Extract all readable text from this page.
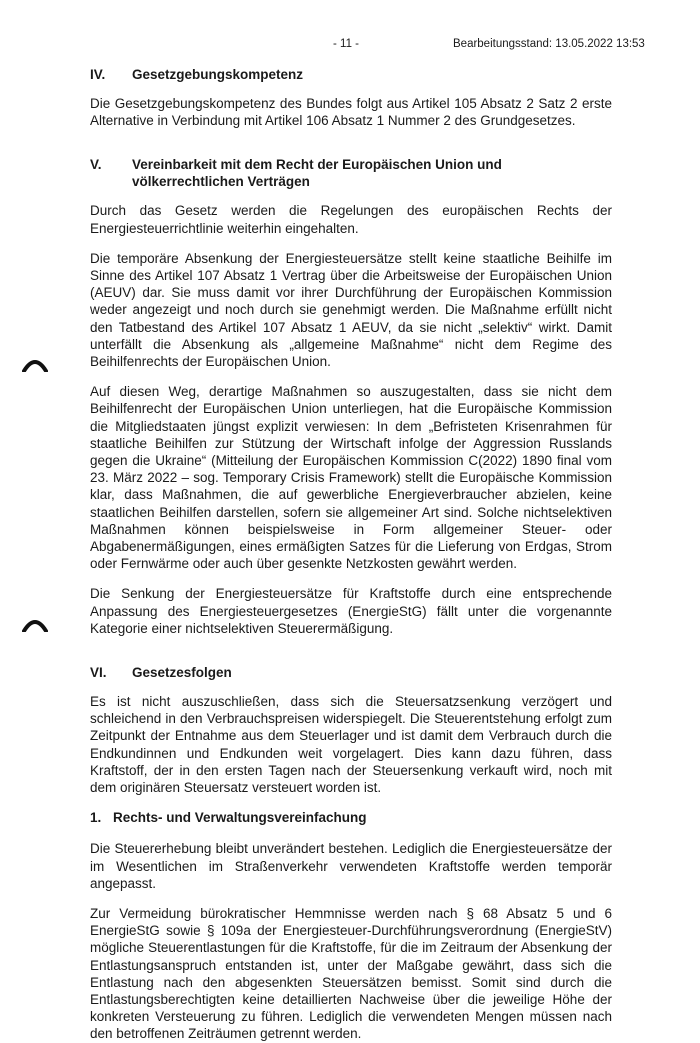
- 11 -	Bearbeitungsstand: 13.05.2022 13:53
IV.	Gesetzgebungskompetenz

Die Gesetzgebungskompetenz des Bundes folgt aus Artikel 105 Absatz 2 Satz 2 erste Alternative in Verbindung mit Artikel 106 Absatz 1 Nummer 2 des Grundgesetzes.

V.	Vereinbarkeit mit dem Recht der Europäischen Union und völkerrechtlichen Verträgen

Durch das Gesetz werden die Regelungen des europäischen Rechts der Energiesteuerrichtlinie weiterhin eingehalten.

Die temporäre Absenkung der Energiesteuersätze stellt keine staatliche Beihilfe im Sinne des Artikel 107 Absatz 1 Vertrag über die Arbeitsweise der Europäischen Union (AEUV) dar. Sie muss damit vor ihrer Durchführung der Europäischen Kommission weder angezeigt und noch durch sie genehmigt werden. Die Maßnahme erfüllt nicht den Tatbestand des Artikel 107 Absatz 1 AEUV, da sie nicht „selektiv“ wirkt. Damit unterfällt die Absenkung als „allgemeine Maßnahme“ nicht dem Regime des Beihilfenrechts der Europäischen Union.

Auf diesen Weg, derartige Maßnahmen so auszugestalten, dass sie nicht dem Beihilfenrecht der Europäischen Union unterliegen, hat die Europäische Kommission die Mitgliedstaaten jüngst explizit verwiesen: In dem „Befristeten Krisenrahmen für staatliche Beihilfen zur Stützung der Wirtschaft infolge der Aggression Russlands gegen die Ukraine“ (Mitteilung der Europäischen Kommission C(2022) 1890 final vom 23. März 2022 – sog. Temporary Crisis Framework) stellt die Europäische Kommission klar, dass Maßnahmen, die auf gewerbliche Energieverbraucher abzielen, keine staatlichen Beihilfen darstellen, sofern sie allgemeiner Art sind. Solche nichtselektiven Maßnahmen können beispielsweise in Form allgemeiner Steuer- oder Abgabenermäßigungen, eines ermäßigten Satzes für die Lieferung von Erdgas, Strom oder Fernwärme oder auch über gesenkte Netzkosten gewährt werden.

Die Senkung der Energiesteuersätze für Kraftstoffe durch eine entsprechende Anpassung des Energiesteuergesetzes (EnergieStG) fällt unter die vorgenannte Kategorie einer nichtselektiven Steuerermäßigung.

VI.	Gesetzesfolgen

Es ist nicht auszuschließen, dass sich die Steuersatzsenkung verzögert und schleichend in den Verbrauchspreisen widerspiegelt. Die Steuerentstehung erfolgt zum Zeitpunkt der Entnahme aus dem Steuerlager und ist damit dem Verbrauch durch die Endkundinnen und Endkunden weit vorgelagert. Dies kann dazu führen, dass Kraftstoff, der in den ersten Tagen nach der Steuersenkung verkauft wird, noch mit dem originären Steuersatz versteuert worden ist.

1. Rechts- und Verwaltungsvereinfachung

Die Steuererhebung bleibt unverändert bestehen. Lediglich die Energiesteuersätze der im Wesentlichen im Straßenverkehr verwendeten Kraftstoffe werden temporär angepasst.

Zur Vermeidung bürokratischer Hemmnisse werden nach § 68 Absatz 5 und 6 EnergieStG sowie § 109a der Energiesteuer-Durchführungsverordnung (EnergieStV) mögliche Steuerentlastungen für die Kraftstoffe, für die im Zeitraum der Absenkung der Entlastungsanspruch entstanden ist, unter der Maßgabe gewährt, dass sich die Entlastung nach den abgesenkten Steuersätzen bemisst. Somit sind durch die Entlastungsberechtigten keine detaillierten Nachweise über die jeweilige Höhe der konkreten Versteuerung zu führen. Lediglich die verwendeten Mengen müssen nach den betroffenen Zeiträumen getrennt werden.
